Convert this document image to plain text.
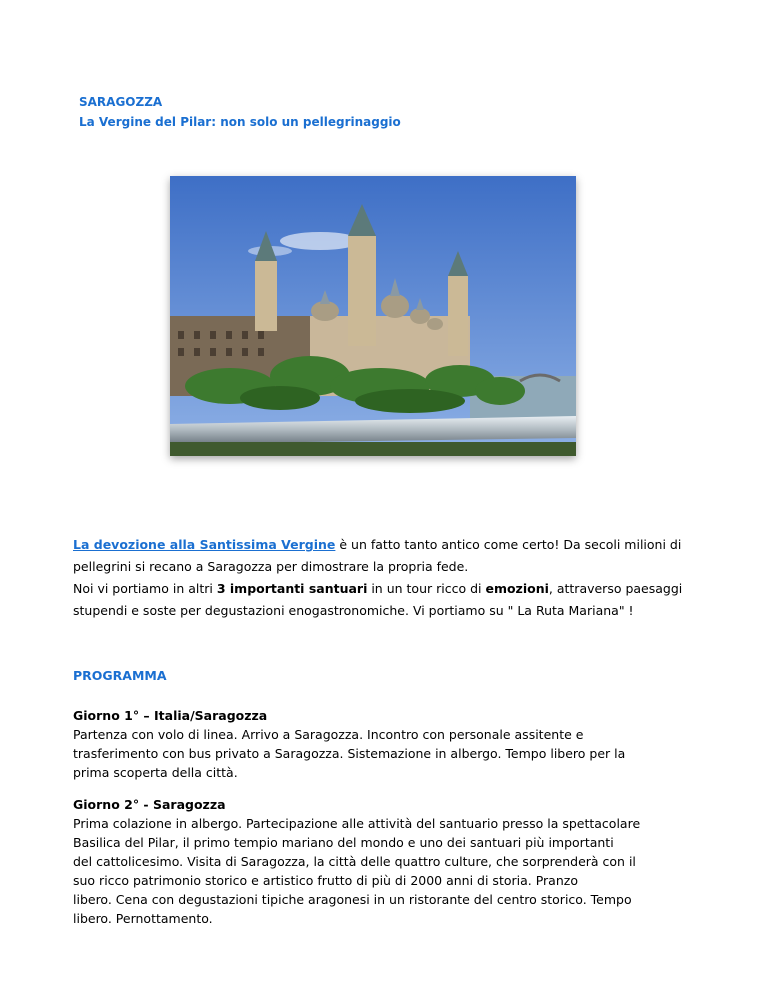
SARAGOZZA
La Vergine del Pilar: non solo un pellegrinaggio

La devozione alla Santissima Vergine è un fatto tanto antico come certo! Da secoli milioni di

pellegrini si recano a Saragozza per dimostrare la propria fede.

Noi vi portiamo in altri 3 importanti santuari in un tour ricco di emozioni, attraverso paesaggi

stupendi e soste per degustazioni enogastronomiche. Vi portiamo su " La Ruta Mariana" !

PROGRAMMA
Giorno 1° – Italia/Saragozza

Partenza con volo di linea. Arrivo a Saragozza. Incontro con personale assitente e

trasferimento con bus privato a Saragozza. Sistemazione in albergo. Tempo libero per la

prima scoperta della città.

Giorno 2° - Saragozza

Prima colazione in albergo. Partecipazione alle attività del santuario presso la spettacolare

Basilica del Pilar, il primo tempio mariano del mondo e uno dei santuari più importanti

del cattolicesimo. Visita di Saragozza, la città delle quattro culture, che sorprenderà con il

suo ricco patrimonio storico e artistico frutto di più di 2000 anni di storia. Pranzo

libero. Cena con degustazioni tipiche aragonesi in un ristorante del centro storico. Tempo

libero. Pernottamento.
